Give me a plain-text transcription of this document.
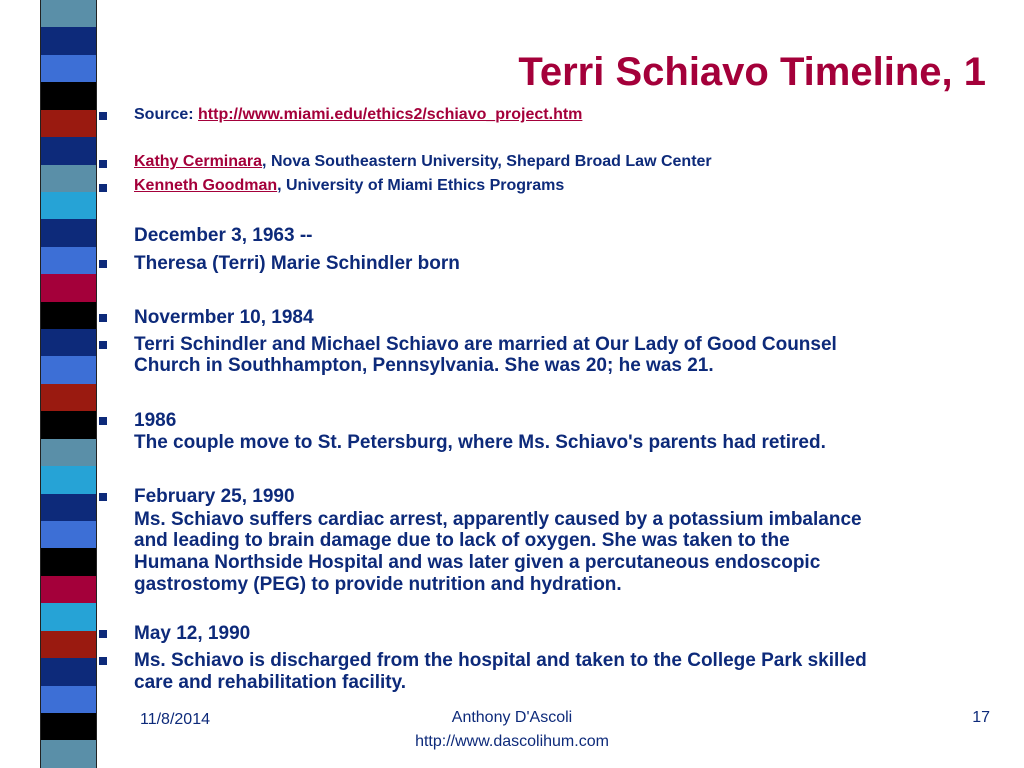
Terri Schiavo Timeline, 1
Source: http://www.miami.edu/ethics2/schiavo_project.htm
Kathy Cerminara, Nova Southeastern University, Shepard Broad Law Center
Kenneth Goodman, University of Miami Ethics Programs
December 3, 1963 --
Theresa (Terri) Marie Schindler born
Novermber 10, 1984
Terri Schindler and Michael Schiavo are married at Our Lady of Good Counsel
Church in Southhampton, Pennsylvania. She was 20; he was 21.
1986
The couple move to St. Petersburg, where Ms. Schiavo's parents had retired.
February 25, 1990
Ms. Schiavo suffers cardiac arrest, apparently caused by a potassium imbalance
and leading to brain damage due to lack of oxygen. She was taken to the
Humana Northside Hospital and was later given a percutaneous endoscopic
gastrostomy (PEG) to provide nutrition and hydration.
May 12, 1990
Ms. Schiavo is discharged from the hospital and taken to the College Park skilled
care and rehabilitation facility.
11/8/2014	Anthony D'Ascoli
http://www.dascolihum.com
17
